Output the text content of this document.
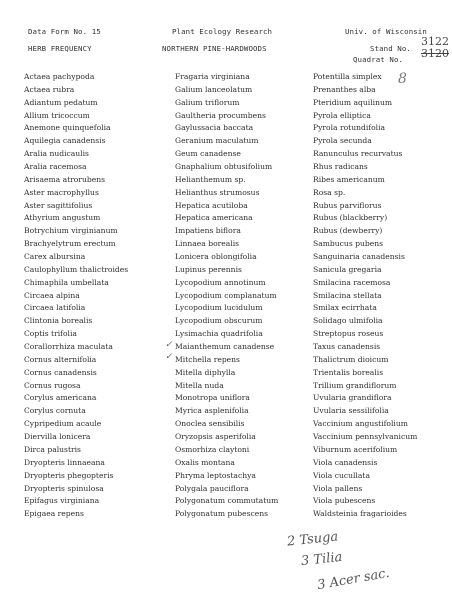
Data Form No. 15	Plant Ecology Research	Univ. of Wisconsin
HERB FREQUENCY	NORTHERN PINE-HARDWOODS	Stand No.
Quadrat No.
3122
3120
Actaea pachypoda
Actaea rubra
Adiantum pedatum
Allium tricoccum
Anemone quinquefolia
Aquilegia canadensis
Aralia nudicaulis
Aralia racemosa
Arisaema atrorubens
Aster macrophyllus
Aster sagittifolius
Athyrium angustum
Botrychium virginianum
Brachyelytrum erectum
Carex albursina
Caulophyllum thalictroides
Chimaphila umbellata
Circaea alpina
Circaea latifolia
Clintonia borealis
Coptis trifolia
Corallorrhiza maculata
Cornus alternifolia
Cornus canadensis
Cornus rugosa
Corylus americana
Corylus cornuta
Cypripedium acaule
Diervilla lonicera
Dirca palustris
Dryopteris linnaeana
Dryopteris phegopteris
Dryopteris spinulosa
Epifagus virginiana
Epigaea repens
Fragaria virginiana
Galium lanceolatum
Galium triflorum
Gaultheria procumbens
Gaylussacia baccata
Geranium maculatum
Geum canadense
Gnaphalium obtusifolium
Helianthemum sp.
Helianthus strumosus
Hepatica acutiloba
Hepatica americana
Impatiens biflora
Linnaea borealis
Lonicera oblongifolia
Lupinus perennis
Lycopodium annotinum
Lycopodium complanatum
Lycopodium lucidulum
Lycopodium obscurum
Lysimachia quadrifolia
Maianthemum canadense
Mitchella repens
Mitella diphylla
Mitella nuda
Monotropa uniflora
Myrica asplenifolia
Onoclea sensibilis
Oryzopsis asperifolia
Osmorhiza claytoni
Oxalis montana
Phryma leptostachya
Polygala pauciflora
Polygonatum commutatum
Polygonatum pubescens
Potentilla simplex
Prenanthes alba
Pteridium aquilinum
Pyrola elliptica
Pyrola rotundifolia
Pyrola secunda
Ranunculus recurvatus
Rhus radicans
Ribes americanum
Rosa sp.
Rubus parviflorus
Rubus (blackberry)
Rubus (dewberry)
Sambucus pubens
Sanguinaria canadensis
Sanicula gregaria
Smilacina racemosa
Smilacina stellata
Smilax ecirrhata
Solidago ulmifolia
Streptopus roseus
Taxus canadensis
Thalictrum dioicum
Trientalis borealis
Trillium grandiflorum
Uvularia grandiflora
Uvularia sessilifolia
Vaccinium angustifolium
Vaccinium pennsylvanicum
Viburnum acerifolium
Viola canadensis
Viola cucullata
Viola pallens
Viola pubescens
Waldsteinia fragarioides
8
✓
✓
2 Tsuga
3 Tilia
3 Acer sac.
